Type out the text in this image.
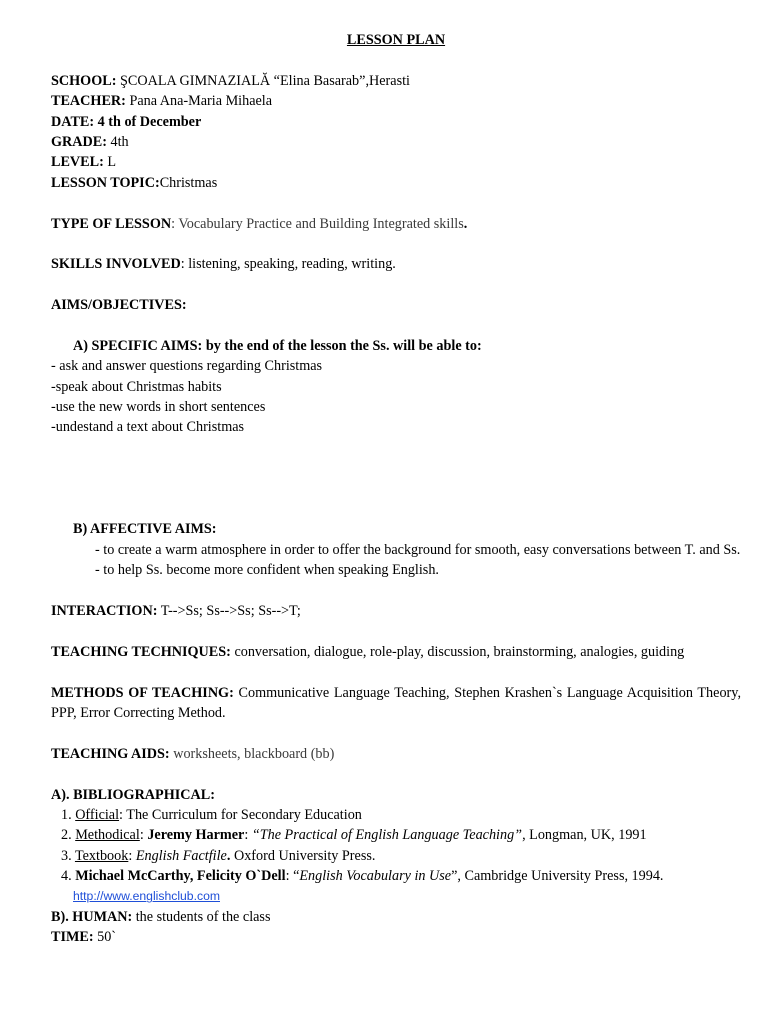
LESSON PLAN
SCHOOL: ŞCOALA GIMNAZIALĂ “Elina Basarab”,Herasti
TEACHER: Pana Ana-Maria Mihaela
DATE: 4 th of December
GRADE: 4th
LEVEL: L
LESSON TOPIC:Christmas
TYPE OF LESSON: Vocabulary Practice and Building Integrated skills.
SKILLS INVOLVED: listening, speaking, reading, writing.
AIMS/OBJECTIVES:
A) SPECIFIC AIMS: by the end of the lesson the Ss. will be able to:
- ask and answer questions regarding Christmas
-speak about Christmas habits
-use the new words in short sentences
-undestand a text about Christmas
B) AFFECTIVE AIMS:
- to create a warm atmosphere in order to offer the background for smooth, easy conversations between T. and Ss.
- to help Ss. become more confident when speaking English.
INTERACTION: T-->Ss; Ss-->Ss; Ss-->T;
TEACHING TECHNIQUES: conversation, dialogue, role-play, discussion, brainstorming, analogies, guiding
METHODS OF TEACHING: Communicative Language Teaching, Stephen Krashen`s Language Acquisition Theory, PPP, Error Correcting Method.
TEACHING AIDS: worksheets, blackboard (bb)
A). BIBLIOGRAPHICAL:
1. Official: The Curriculum for Secondary Education
2. Methodical: Jeremy Harmer: “The Practical of English Language Teaching”, Longman, UK, 1991
3. Textbook: English Factfile. Oxford University Press.
4. Michael McCarthy, Felicity O`Dell: “English Vocabulary in Use”, Cambridge University Press, 1994.
http://www.englishclub.com
B). HUMAN: the students of the class
TIME: 50`
